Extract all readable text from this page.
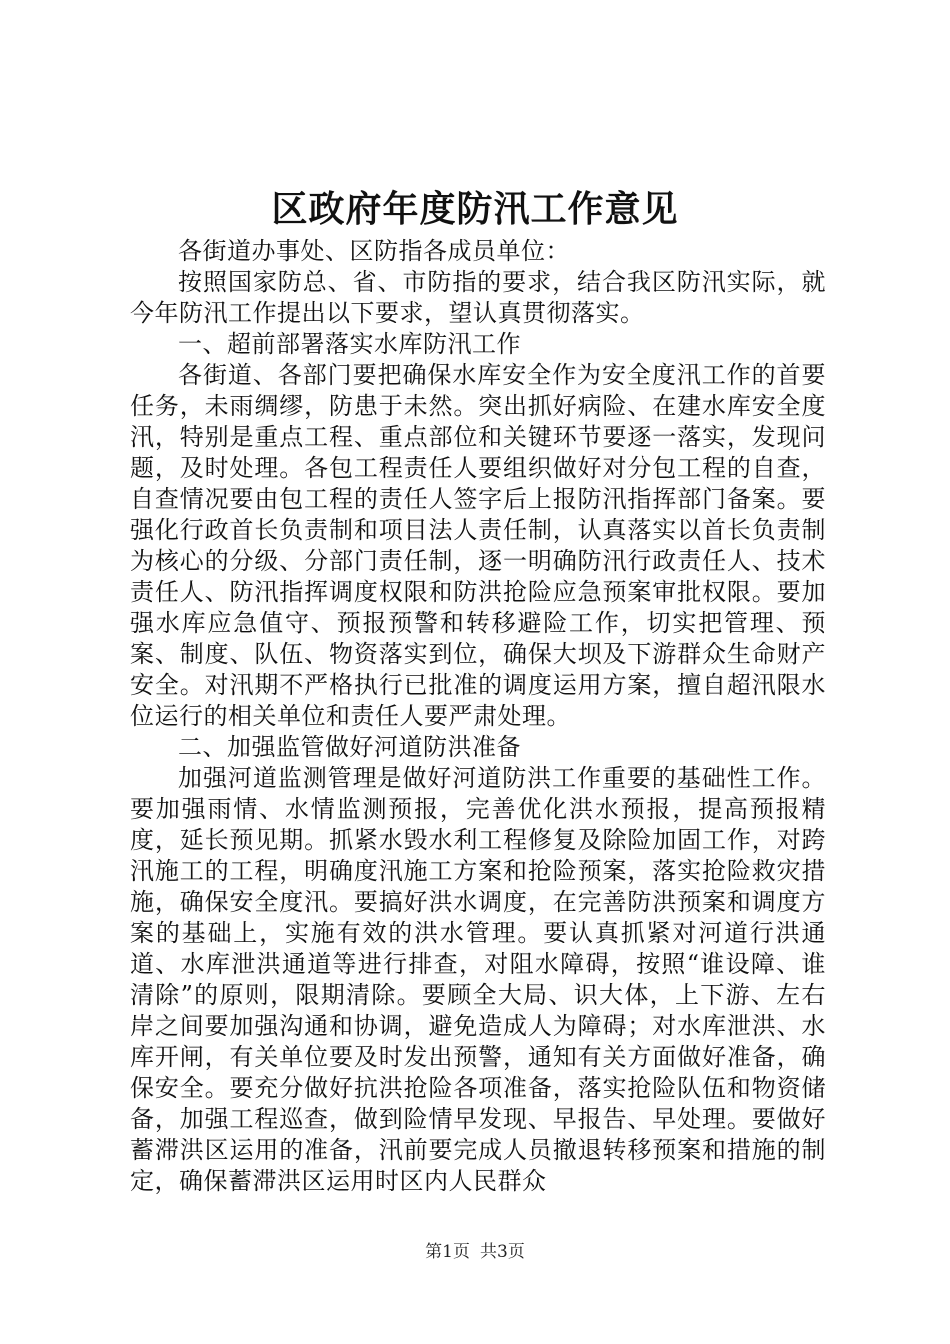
区政府年度防汛工作意见

各街道办事处、区防指各成员单位：

按照国家防总、省、市防指的要求，结合我区防汛实际，就今年防汛工作提出以下要求，望认真贯彻落实。

一、超前部署落实水库防汛工作

各街道、各部门要把确保水库安全作为安全度汛工作的首要任务，未雨绸缪，防患于未然。突出抓好病险、在建水库安全度汛，特别是重点工程、重点部位和关键环节要逐一落实，发现问题，及时处理。各包工程责任人要组织做好对分包工程的自查，自查情况要由包工程的责任人签字后上报防汛指挥部门备案。要强化行政首长负责制和项目法人责任制，认真落实以首长负责制为核心的分级、分部门责任制，逐一明确防汛行政责任人、技术责任人、防汛指挥调度权限和防洪抢险应急预案审批权限。要加强水库应急值守、预报预警和转移避险工作，切实把管理、预案、制度、队伍、物资落实到位，确保大坝及下游群众生命财产安全。对汛期不严格执行已批准的调度运用方案，擅自超汛限水位运行的相关单位和责任人要严肃处理。

二、加强监管做好河道防洪准备

加强河道监测管理是做好河道防洪工作重要的基础性工作。要加强雨情、水情监测预报，完善优化洪水预报，提高预报精度，延长预见期。抓紧水毁水利工程修复及除险加固工作，对跨汛施工的工程，明确度汛施工方案和抢险预案，落实抢险救灾措施，确保安全度汛。要搞好洪水调度，在完善防洪预案和调度方案的基础上，实施有效的洪水管理。要认真抓紧对河道行洪通道、水库泄洪通道等进行排查，对阻水障碍，按照“谁设障、谁清除”的原则，限期清除。要顾全大局、识大体，上下游、左右岸之间要加强沟通和协调，避免造成人为障碍；对水库泄洪、水库开闸，有关单位要及时发出预警，通知有关方面做好准备，确保安全。要充分做好抗洪抢险各项准备，落实抢险队伍和物资储备，加强工程巡查，做到险情早发现、早报告、早处理。要做好蓄滞洪区运用的准备，汛前要完成人员撤退转移预案和措施的制定，确保蓄滞洪区运用时区内人民群众

第1页 共3页
